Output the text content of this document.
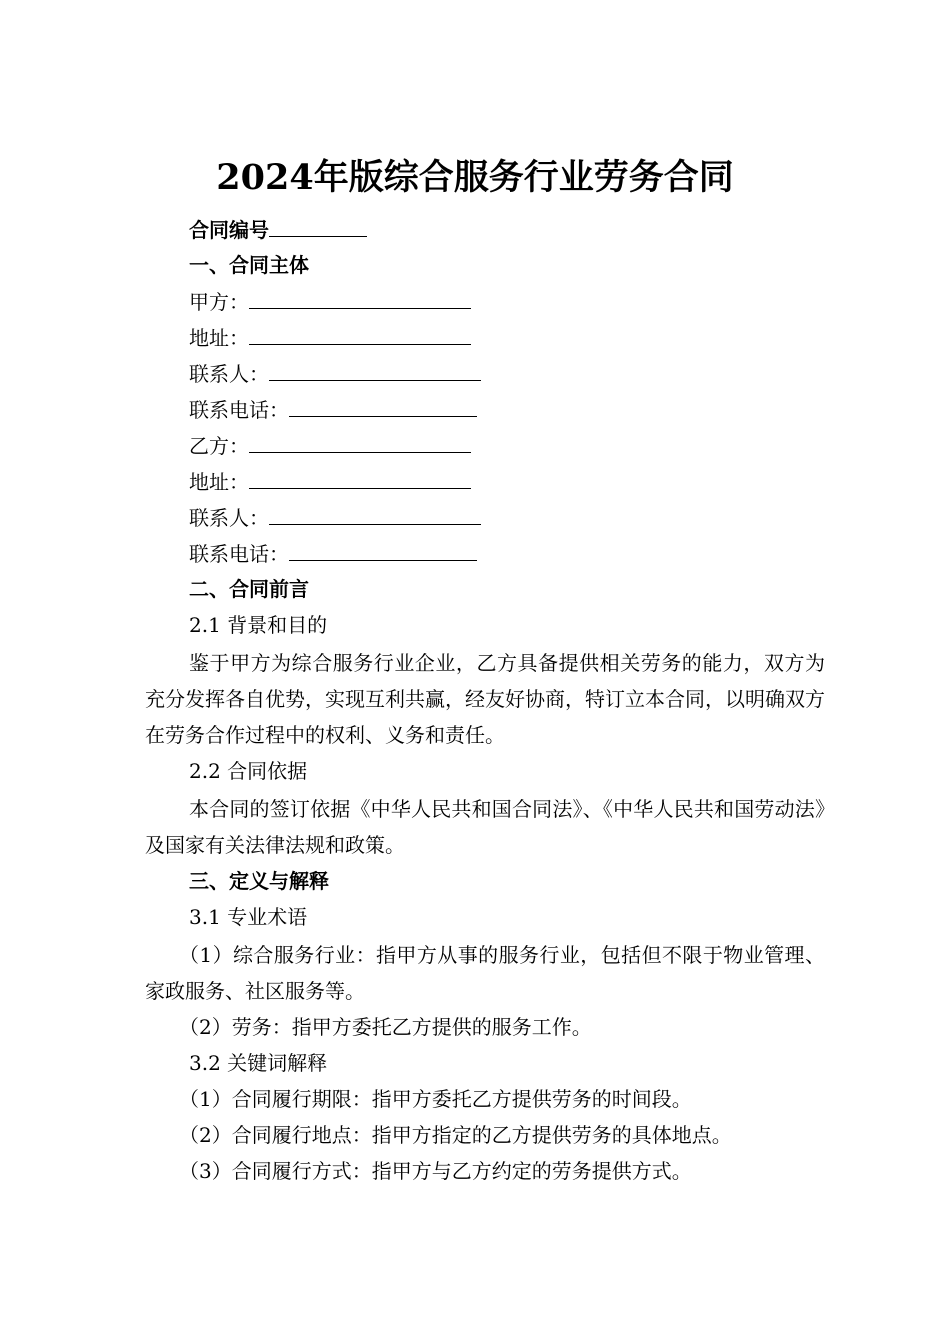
2024年版综合服务行业劳务合同
合同编号
一、合同主体
甲方：
地址：
联系人：
联系电话：
乙方：
地址：
联系人：
联系电话：
二、合同前言
2.1 背景和目的
鉴于甲方为综合服务行业企业，乙方具备提供相关劳务的能力，双方为充分发挥各自优势，实现互利共赢，经友好协商，特订立本合同，以明确双方在劳务合作过程中的权利、义务和责任。
2.2 合同依据
本合同的签订依据《中华人民共和国合同法》、《中华人民共和国劳动法》及国家有关法律法规和政策。
三、定义与解释
3.1 专业术语
（1）综合服务行业：指甲方从事的服务行业，包括但不限于物业管理、家政服务、社区服务等。
（2）劳务：指甲方委托乙方提供的服务工作。
3.2 关键词解释
（1）合同履行期限：指甲方委托乙方提供劳务的时间段。
（2）合同履行地点：指甲方指定的乙方提供劳务的具体地点。
（3）合同履行方式：指甲方与乙方约定的劳务提供方式。
